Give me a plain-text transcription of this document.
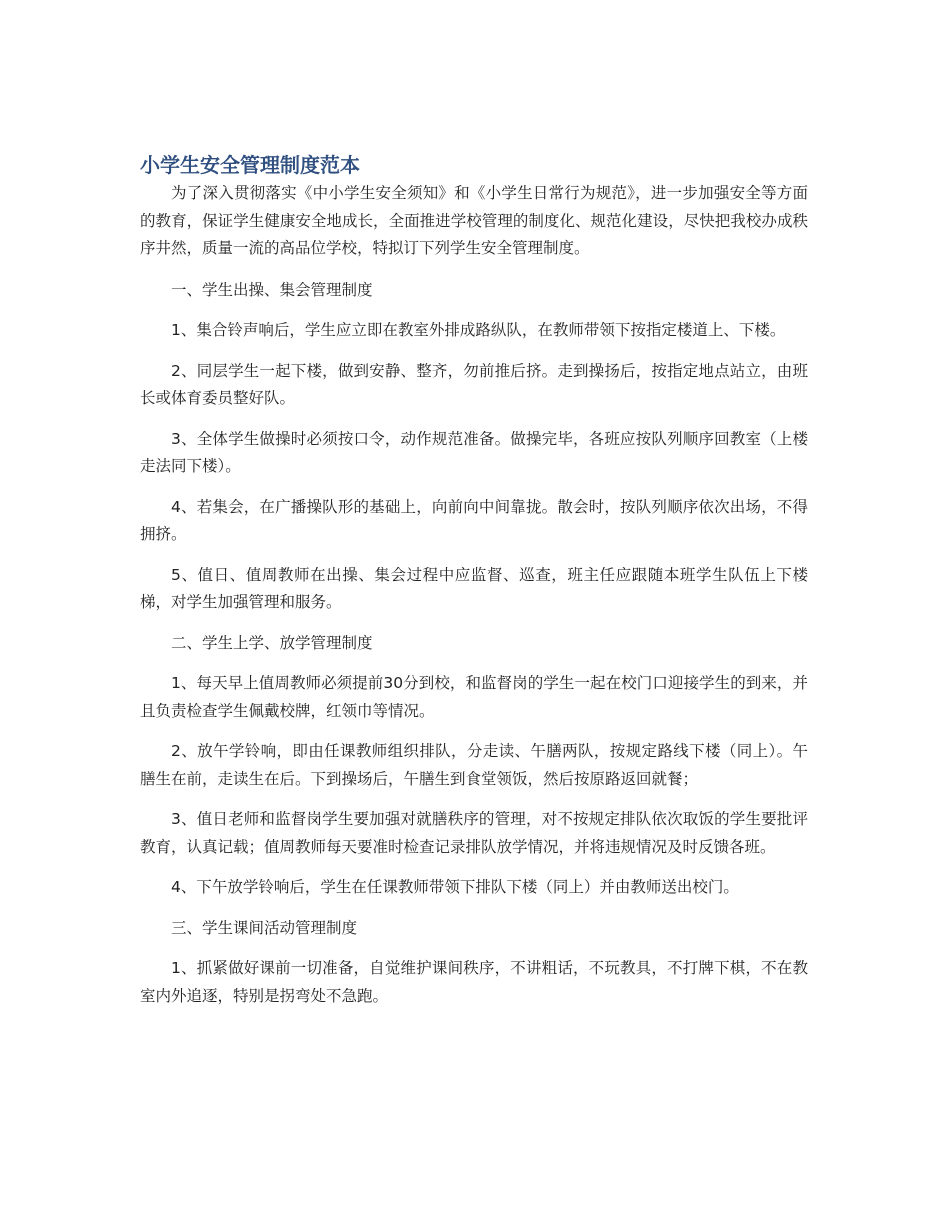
小学生安全管理制度范本

为了深入贯彻落实《中小学生安全须知》和《小学生日常行为规范》，进一步加强安全等方面的教育，保证学生健康安全地成长，全面推进学校管理的制度化、规范化建设，尽快把我校办成秩序井然，质量一流的高品位学校，特拟订下列学生安全管理制度。

一、学生出操、集会管理制度

1、集合铃声响后，学生应立即在教室外排成路纵队，在教师带领下按指定楼道上、下楼。

2、同层学生一起下楼，做到安静、整齐，勿前推后挤。走到操扬后，按指定地点站立，由班长或体育委员整好队。

3、全体学生做操时必须按口令，动作规范准备。做操完毕，各班应按队列顺序回教室（上楼走法同下楼）。

4、若集会，在广播操队形的基础上，向前向中间靠拢。散会时，按队列顺序依次出场，不得拥挤。

5、值日、值周教师在出操、集会过程中应监督、巡查，班主任应跟随本班学生队伍上下楼梯，对学生加强管理和服务。

二、学生上学、放学管理制度

1、每天早上值周教师必须提前30分到校，和监督岗的学生一起在校门口迎接学生的到来，并且负责检查学生佩戴校牌，红领巾等情况。

2、放午学铃响，即由任课教师组织排队，分走读、午膳两队，按规定路线下楼（同上）。午膳生在前，走读生在后。下到操场后，午膳生到食堂领饭，然后按原路返回就餐；

3、值日老师和监督岗学生要加强对就膳秩序的管理，对不按规定排队依次取饭的学生要批评教育，认真记载；值周教师每天要准时检查记录排队放学情况，并将违规情况及时反馈各班。

4、下午放学铃响后，学生在任课教师带领下排队下楼（同上）并由教师送出校门。

三、学生课间活动管理制度

1、抓紧做好课前一切准备，自觉维护课间秩序，不讲粗话，不玩教具，不打牌下棋，不在教室内外追逐，特别是拐弯处不急跑。
